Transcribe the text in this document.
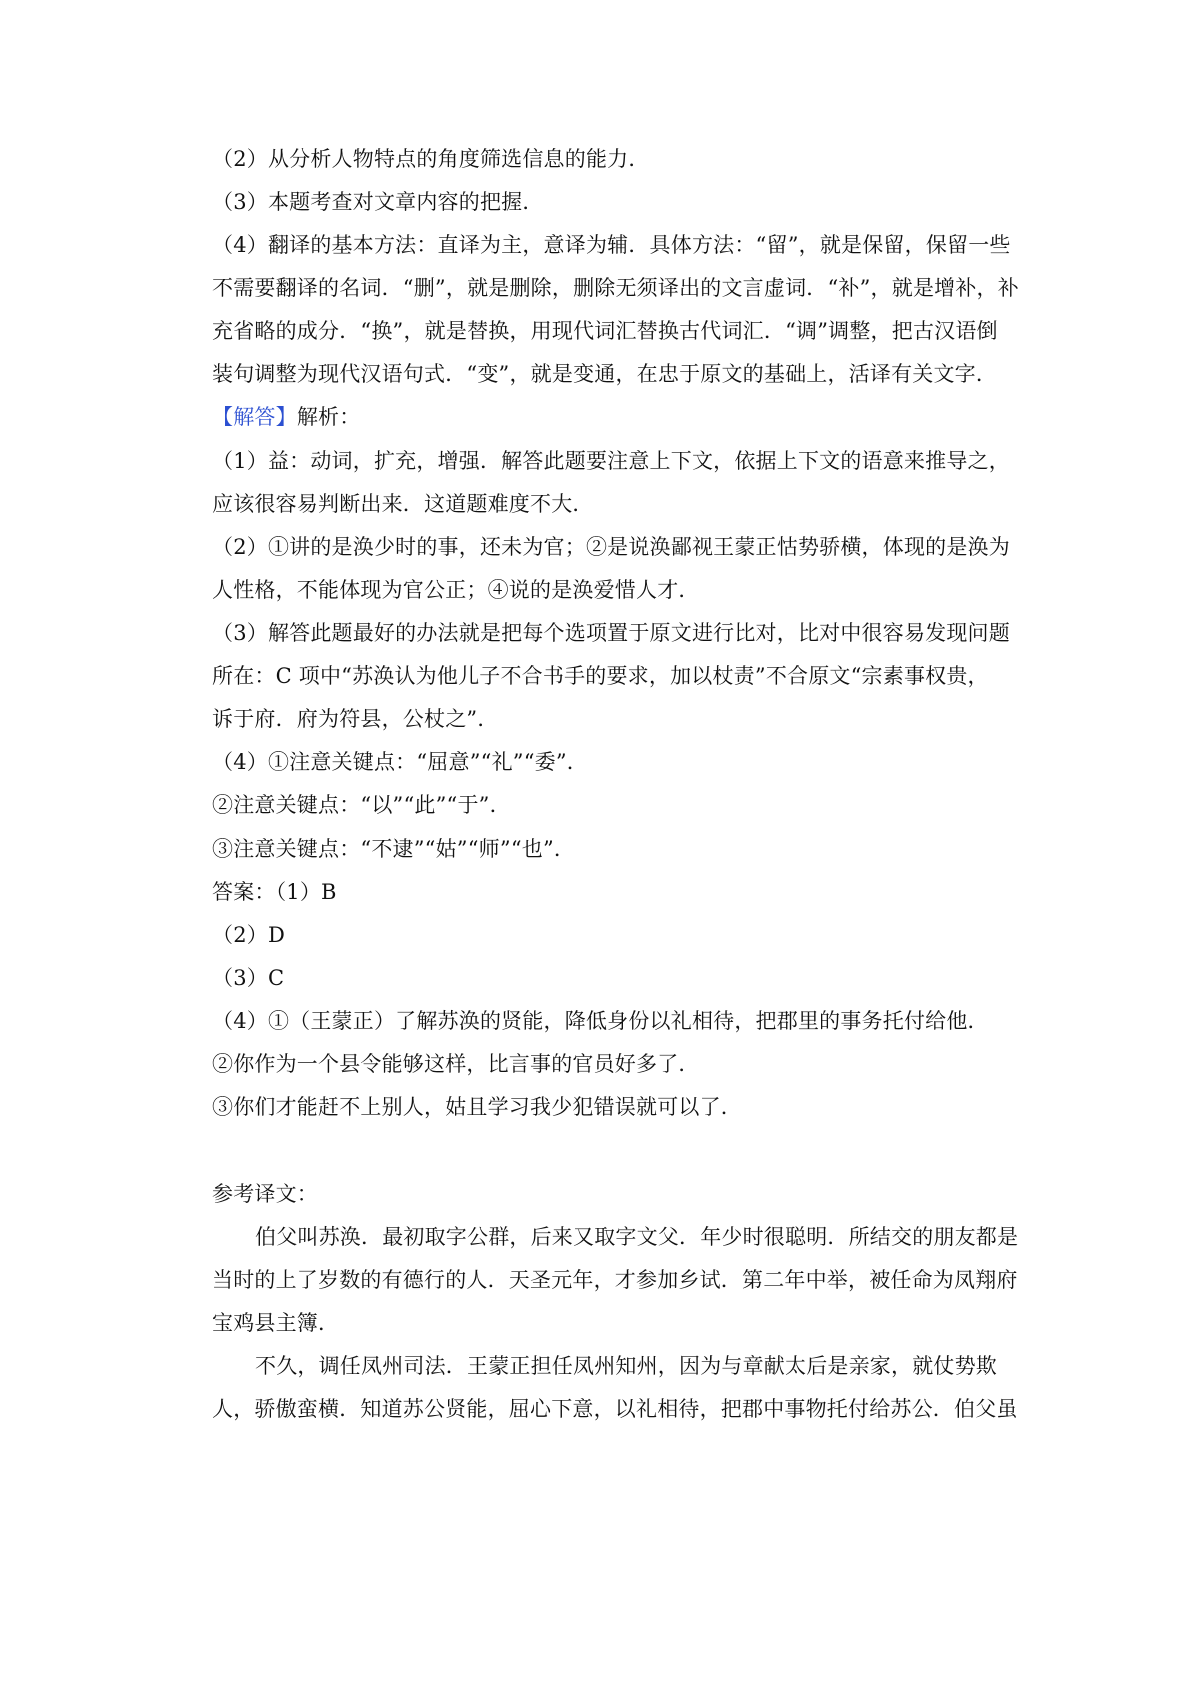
（2）从分析人物特点的角度筛选信息的能力．
（3）本题考查对文章内容的把握．
（4）翻译的基本方法：直译为主，意译为辅．具体方法：“留”，就是保留，保留一些
不需要翻译的名词．“删”，就是删除，删除无须译出的文言虚词．“补”，就是增补，补
充省略的成分．“换”，就是替换，用现代词汇替换古代词汇．“调”调整，把古汉语倒
装句调整为现代汉语句式．“变”，就是变通，在忠于原文的基础上，活译有关文字．
【解答】解析：
（1）益：动词，扩充，增强．解答此题要注意上下文，依据上下文的语意来推导之，
应该很容易判断出来．这道题难度不大．
（2）①讲的是涣少时的事，还未为官；②是说涣鄙视王蒙正怙势骄横，体现的是涣为
人性格，不能体现为官公正；④说的是涣爱惜人才．
（3）解答此题最好的办法就是把每个选项置于原文进行比对，比对中很容易发现问题
所在：C 项中“苏涣认为他儿子不合书手的要求，加以杖责”不合原文“宗素事权贵，
诉于府．府为符县，公杖之”．
（4）①注意关键点：“屈意”“礼”“委”．
②注意关键点：“以”“此”“于”．
③注意关键点：“不逮”“姑”“师”“也”．
答案：（1）B
（2）D
（3）C
（4）①（王蒙正）了解苏涣的贤能，降低身份以礼相待，把郡里的事务托付给他．
②你作为一个县令能够这样，比言事的官员好多了．
③你们才能赶不上别人，姑且学习我少犯错误就可以了．
参考译文：
伯父叫苏涣．最初取字公群，后来又取字文父．年少时很聪明．所结交的朋友都是
当时的上了岁数的有德行的人．天圣元年，才参加乡试．第二年中举，被任命为凤翔府
宝鸡县主簿．
不久，调任凤州司法．王蒙正担任凤州知州，因为与章献太后是亲家，就仗势欺
人，骄傲蛮横．知道苏公贤能，屈心下意，以礼相待，把郡中事物托付给苏公．伯父虽
